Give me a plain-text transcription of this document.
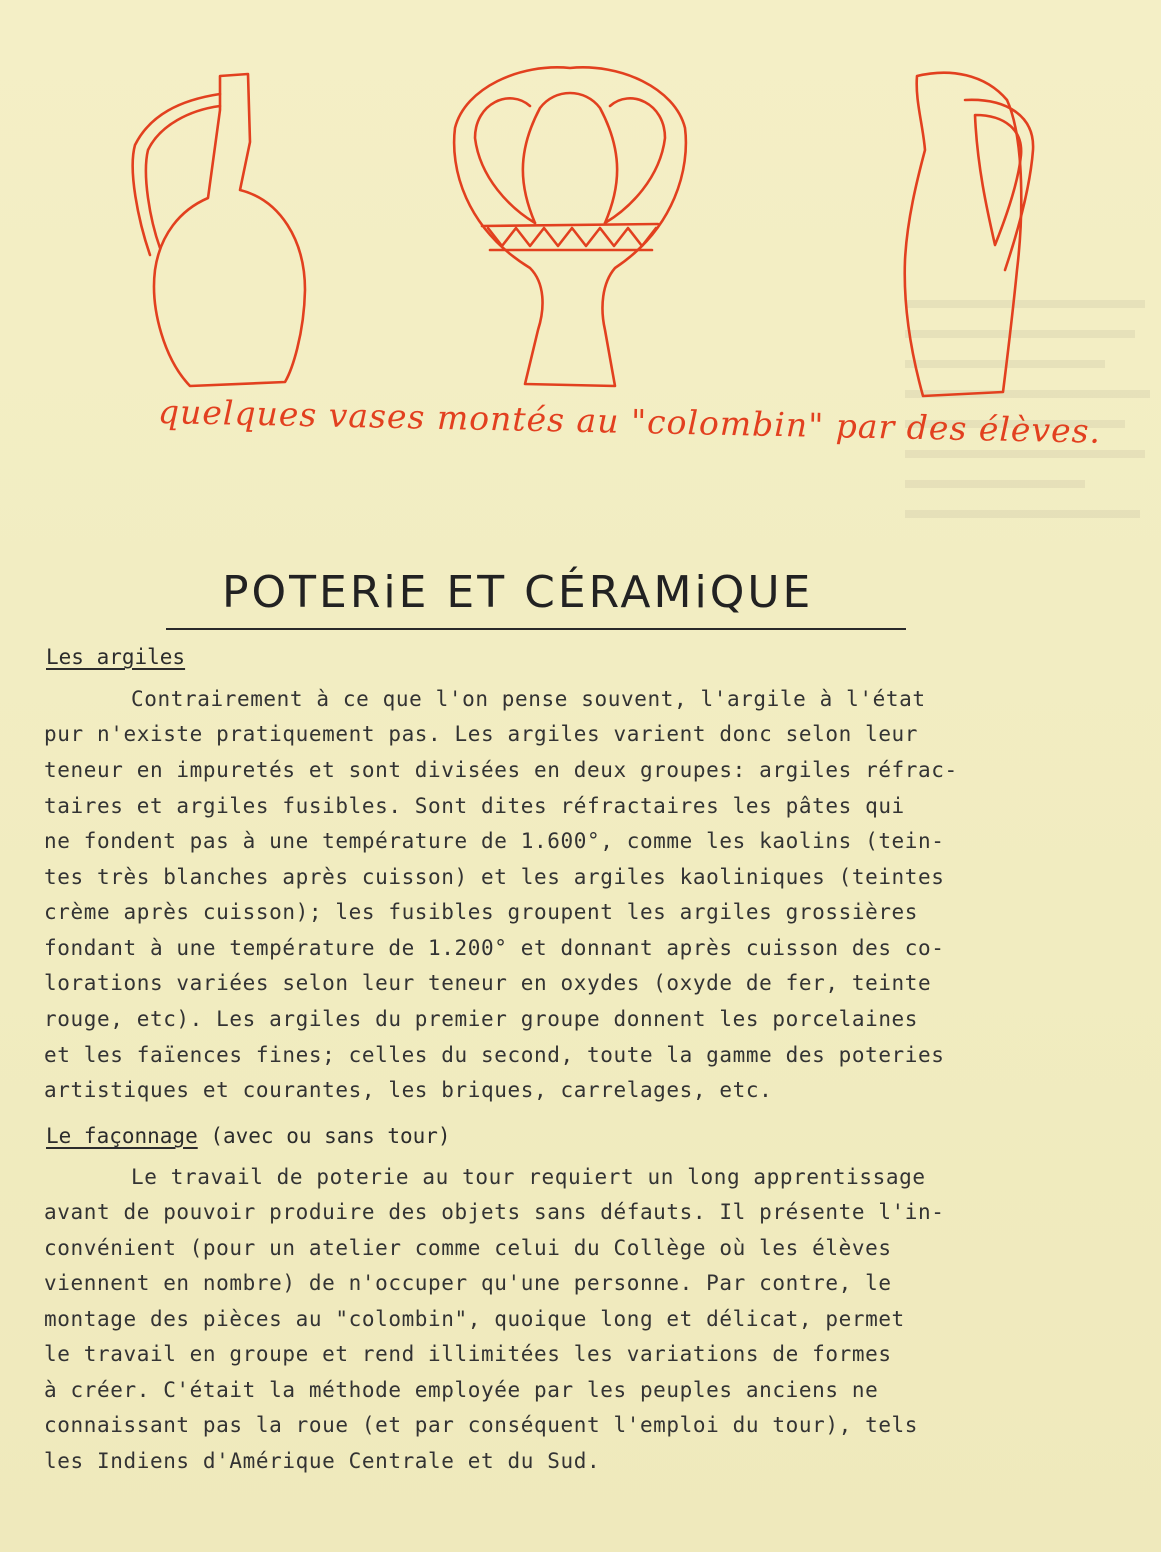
quelques vases montés au "colombin" par des élèves.
POTERiE ET CÉRAMiQUE
Les argiles
Contrairement à ce que l'on pense souvent, l'argile à l'état
pur n'existe pratiquement pas. Les argiles varient donc selon leur
teneur en impuretés et sont divisées en deux groupes: argiles réfrac-
taires et argiles fusibles. Sont dites réfractaires les pâtes qui
ne fondent pas à une température de 1.600°, comme les kaolins (tein-
tes très blanches après cuisson) et les argiles kaoliniques (teintes
crème après cuisson); les fusibles groupent les argiles grossières
fondant à une température de 1.200° et donnant après cuisson des co-
lorations variées selon leur teneur en oxydes (oxyde de fer, teinte
rouge, etc). Les argiles du premier groupe donnent les porcelaines
et les faïences fines; celles du second, toute la gamme des poteries
artistiques et courantes, les briques, carrelages, etc.
Le façonnage (avec ou sans tour)
Le travail de poterie au tour requiert un long apprentissage
avant de pouvoir produire des objets sans défauts. Il présente l'in-
convénient (pour un atelier comme celui du Collège où les élèves
viennent en nombre) de n'occuper qu'une personne. Par contre, le
montage des pièces au "colombin", quoique long et délicat, permet
le travail en groupe et rend illimitées les variations de formes
à créer. C'était la méthode employée par les peuples anciens ne
connaissant pas la roue (et par conséquent l'emploi du tour), tels
les Indiens d'Amérique Centrale et du Sud.
